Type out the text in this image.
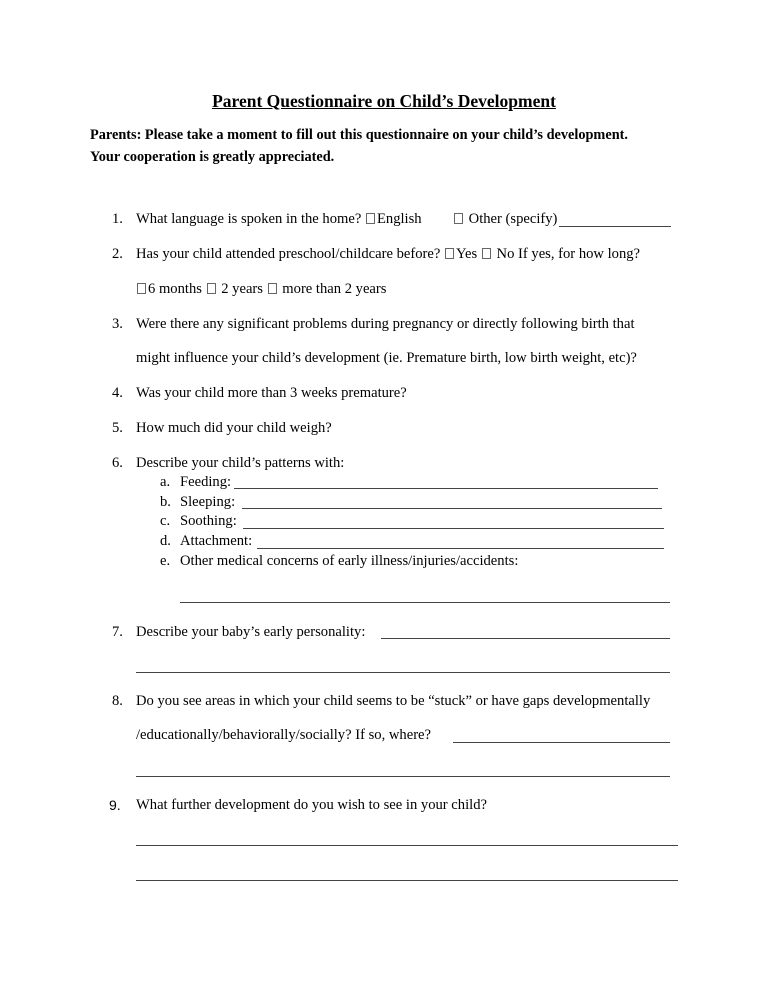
Parent Questionnaire on Child’s Development
Parents: Please take a moment to fill out this questionnaire on your child’s development.
Your cooperation is greatly appreciated.
1. What language is spoken in the home? English	Other (specify)
2. Has your child attended preschool/childcare before? Yes No If yes, for how long?
6 months 2 years more than 2 years
3. Were there any significant problems during pregnancy or directly following birth that
might influence your child’s development (ie. Premature birth, low birth weight, etc)?
4. Was your child more than 3 weeks premature?
5. How much did your child weigh?
6. Describe your child’s patterns with:
a. Feeding:
b. Sleeping:
c. Soothing:
d. Attachment:
e. Other medical concerns of early illness/injuries/accidents:
7. Describe your baby’s early personality:
8. Do you see areas in which your child seems to be “stuck” or have gaps developmentally
/educationally/behaviorally/socially? If so, where?
9. What further development do you wish to see in your child?
